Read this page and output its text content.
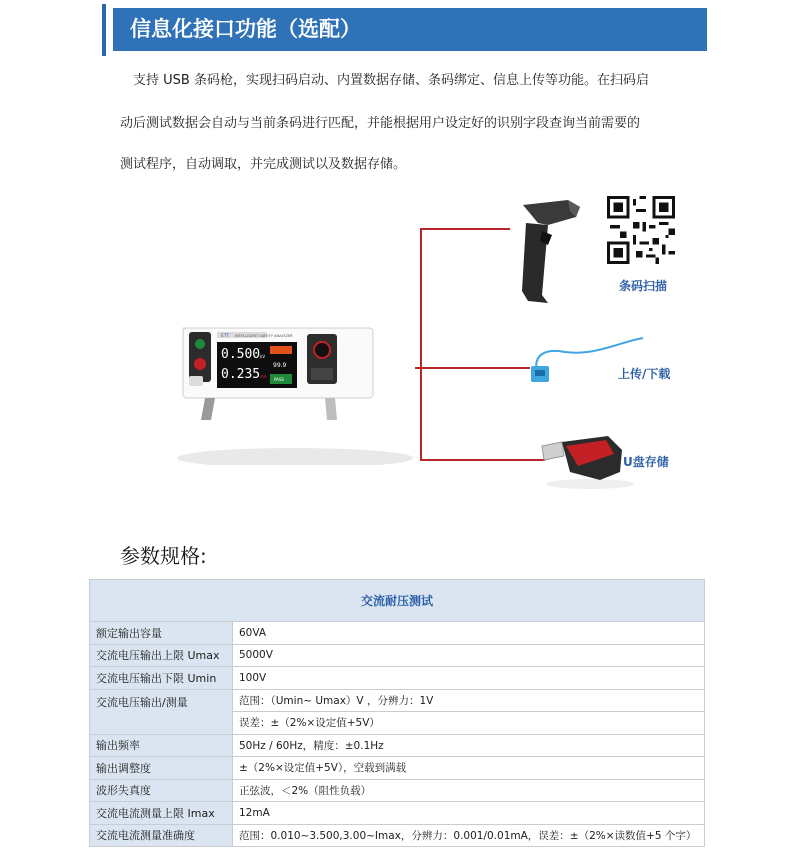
信息化接口功能（选配）

支持 USB 条码枪，实现扫码启动、内置数据存储、条码绑定、信息上传等功能。在扫码启

动后测试数据会自动与当前条码进行匹配，并能根据用户设定好的识别字段查询当前需要的

测试程序，自动调取，并完成测试以及数据存储。

ETT INTELLIGENT SAFETY ANALYZER
0.500 kV
0.235 mA
99.9
PASS
条码扫描
上传/下载
U盘存储
参数规格:
交流耐压测试	
额定输出容量	60VA
交流电压输出上限 Umax	5000V
交流电压输出下限 Umin	100V
交流电压输出/测量	范围：（Umin~ Umax）V ，分辨力：1V
	误差：±（2%×设定值+5V）
输出频率	50Hz / 60Hz，精度：±0.1Hz
输出调整度	±（2%×设定值+5V），空载到满载
波形失真度	正弦波，＜2%（阻性负载）
交流电流测量上限 Imax	12mA
交流电流测量准确度	范围：0.010~3.500,3.00~Imax，分辨力：0.001/0.01mA，误差：±（2%×读数值+5 个字）
